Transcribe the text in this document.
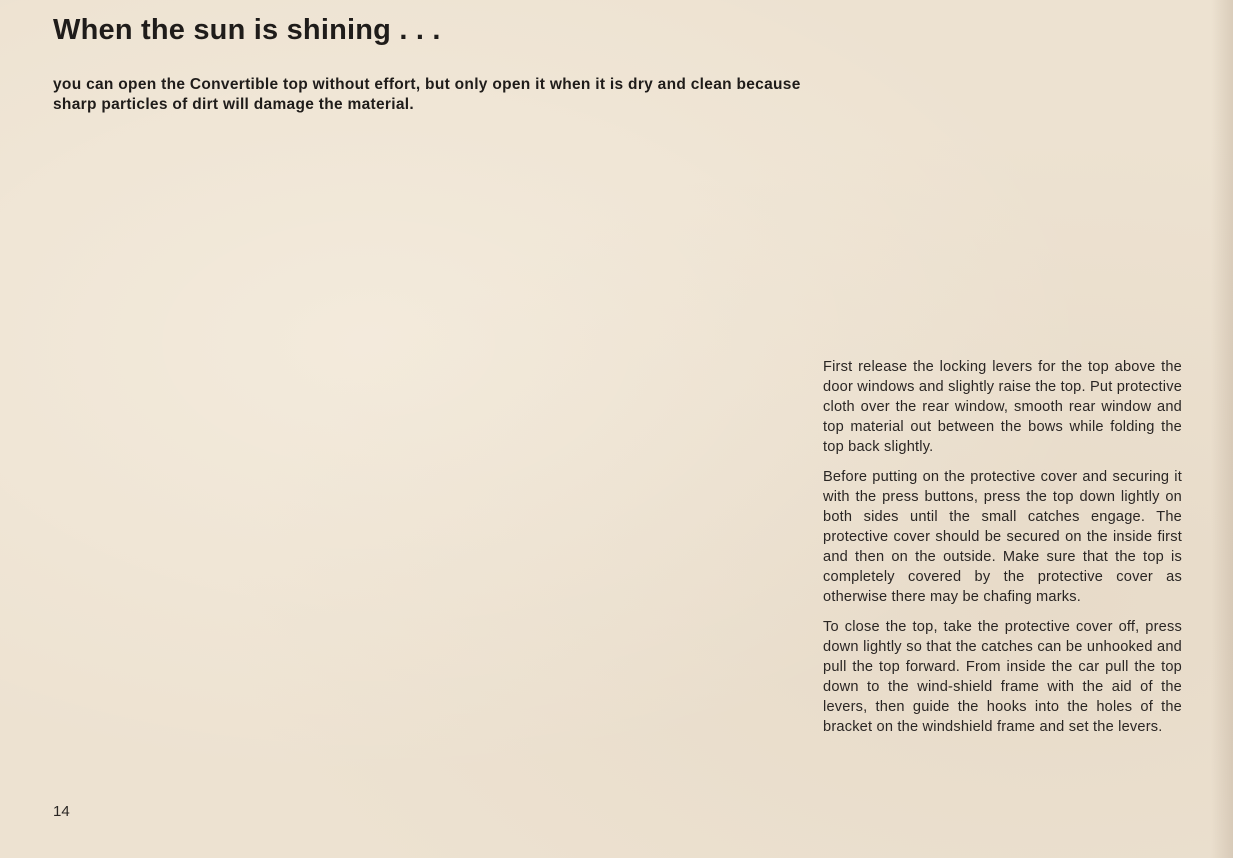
When the sun is shining . . .

you can open the Convertible top without effort, but only open it when it is dry and clean because sharp particles of dirt will damage the material.

First release the locking levers for the top above the door windows and slightly raise the top. Put protective cloth over the rear window, smooth rear window and top material out between the bows while folding the top back slightly.

Before putting on the protective cover and securing it with the press buttons, press the top down lightly on both sides until the small catches engage. The protective cover should be secured on the inside first and then on the outside. Make sure that the top is completely covered by the protective cover as otherwise there may be chafing marks.

To close the top, take the protective cover off, press down lightly so that the catches can be unhooked and pull the top forward. From inside the car pull the top down to the wind-shield frame with the aid of the levers, then guide the hooks into the holes of the bracket on the windshield frame and set the levers.

14
